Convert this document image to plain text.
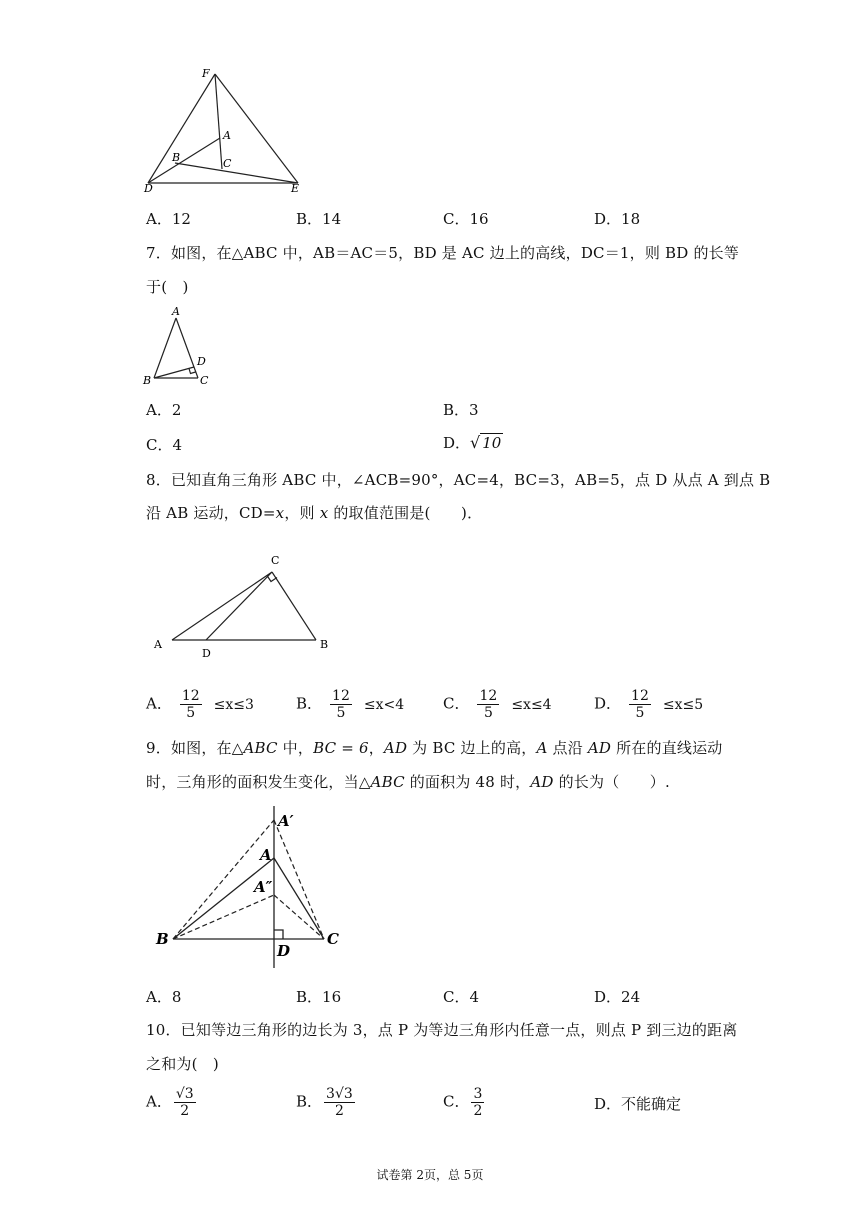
F
A
B	C
D	E
A．12	B．14	C．16	D．18
7．如图，在△ABC 中，AB＝AC＝5，BD 是 AC 边上的高线，DC＝1，则 BD 的长等
于(　)
A
B	C
D
A．2	B．3
C．4	D．√ 10
8．已知直角三角形 ABC 中，∠ACB=90°，AC=4，BC=3，AB=5，点 D 从点 A 到点 B
沿 AB 运动，CD=x，则 x 的取值范围是(　　)．
C
A
D
B
A． $\frac{12}{5} \le x\le 3$	B． $\frac{12}{5} \le x<4$	C． $\frac{12}{5} \le x\le 4$	D． $\frac{12}{5} \le x\le 5$
9．如图，在△ABC 中，BC = 6，AD 为 BC 边上的高，A 点沿 AD 所在的直线运动
时，三角形的面积发生变化，当△ABC 的面积为 48 时，AD 的长为（　　）.
A′
A
A″
B	C
D
A．8	B．16	C．4	D．24
10．已知等边三角形的边长为 3，点 P 为等边三角形内任意一点，则点 P 到三边的距离
之和为(　)
A． $\frac{√3}{2}$	B． $\frac{3√3}{2}$	C． $\frac{3}{2}$	D．不能确定
试卷第 2页，总 5页
